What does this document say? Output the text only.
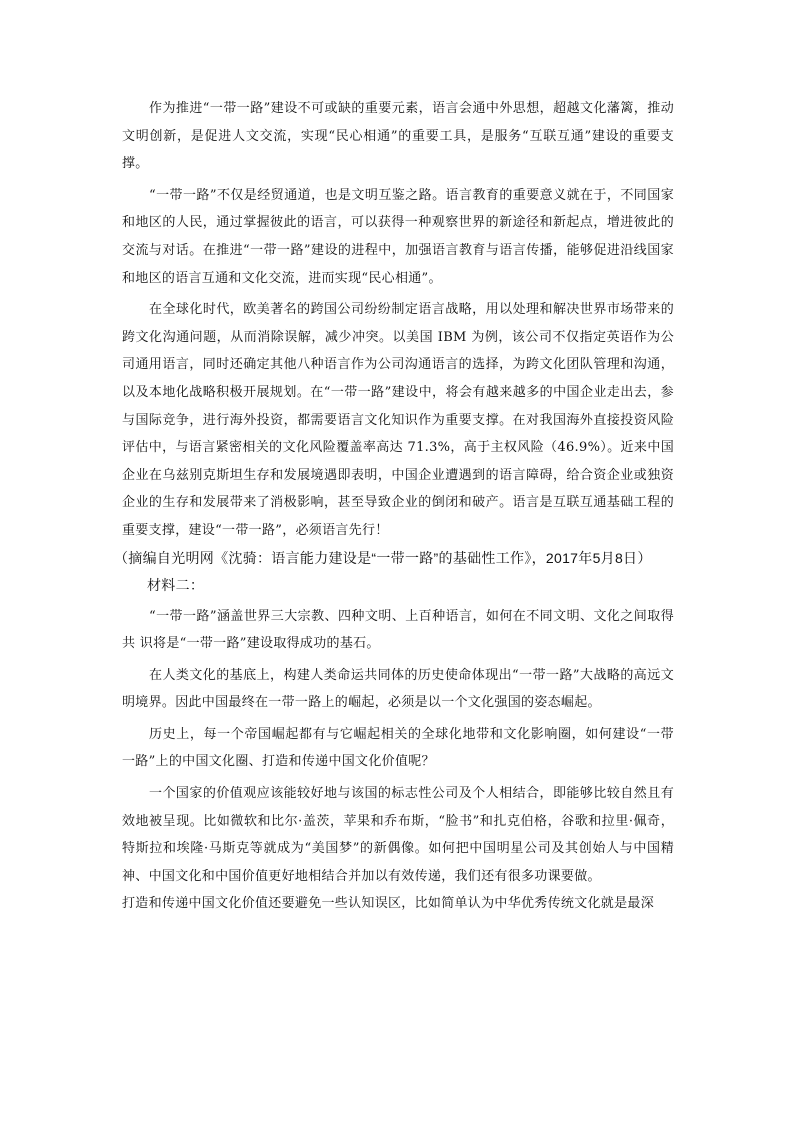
作为推进“一带一路”建设不可或缺的重要元素，语言会通中外思想，超越文化藩篱，推动文明创新，是促进人文交流，实现“民心相通”的重要工具，是服务“互联互通”建设的重要支撑。

“一带一路”不仅是经贸通道，也是文明互鉴之路。语言教育的重要意义就在于，不同国家和地区的人民，通过掌握彼此的语言，可以获得一种观察世界的新途径和新起点，增进彼此的交流与对话。在推进“一带一路”建设的进程中，加强语言教育与语言传播，能够促进沿线国家和地区的语言互通和文化交流，进而实现“民心相通”。

在全球化时代，欧美著名的跨国公司纷纷制定语言战略，用以处理和解决世界市场带来的跨文化沟通问题，从而消除误解，减少冲突。以美国 IBM 为例，该公司不仅指定英语作为公司通用语言，同时还确定其他八种语言作为公司沟通语言的选择，为跨文化团队管理和沟通，以及本地化战略积极开展规划。在“一带一路”建设中，将会有越来越多的中国企业走出去，参与国际竞争，进行海外投资，都需要语言文化知识作为重要支撑。在对我国海外直接投资风险评估中，与语言紧密相关的文化风险覆盖率高达 71.3%，高于主权风险（46.9%）。近来中国企业在乌兹别克斯坦生存和发展境遇即表明，中国企业遭遇到的语言障碍，给合资企业或独资企业的生存和发展带来了消极影响，甚至导致企业的倒闭和破产。语言是互联互通基础工程的重要支撑，建设“一带一路”，必须语言先行！

（摘编自光明网《沈骑：语言能力建设是“一带一路”的基础性工作》，2017年5月8日）

材料二：

“一带一路”涵盖世界三大宗教、四种文明、上百种语言，如何在不同文明、文化之间取得共 识将是“一带一路”建设取得成功的基石。

在人类文化的基底上，构建人类命运共同体的历史使命体现出“一带一路”大战略的高远文明境界。因此中国最终在一带一路上的崛起，必须是以一个文化强国的姿态崛起。

历史上，每一个帝国崛起都有与它崛起相关的全球化地带和文化影响圈，如何建设“一带一路”上的中国文化圈、打造和传递中国文化价值呢？

一个国家的价值观应该能较好地与该国的标志性公司及个人相结合，即能够比较自然且有效地被呈现。比如微软和比尔·盖茨，苹果和乔布斯，“脸书”和扎克伯格，谷歌和拉里·佩奇，特斯拉和埃隆·马斯克等就成为“美国梦”的新偶像。如何把中国明星公司及其创始人与中国精神、中国文化和中国价值更好地相结合并加以有效传递，我们还有很多功课要做。

打造和传递中国文化价值还要避免一些认知误区，比如简单认为中华优秀传统文化就是最深
